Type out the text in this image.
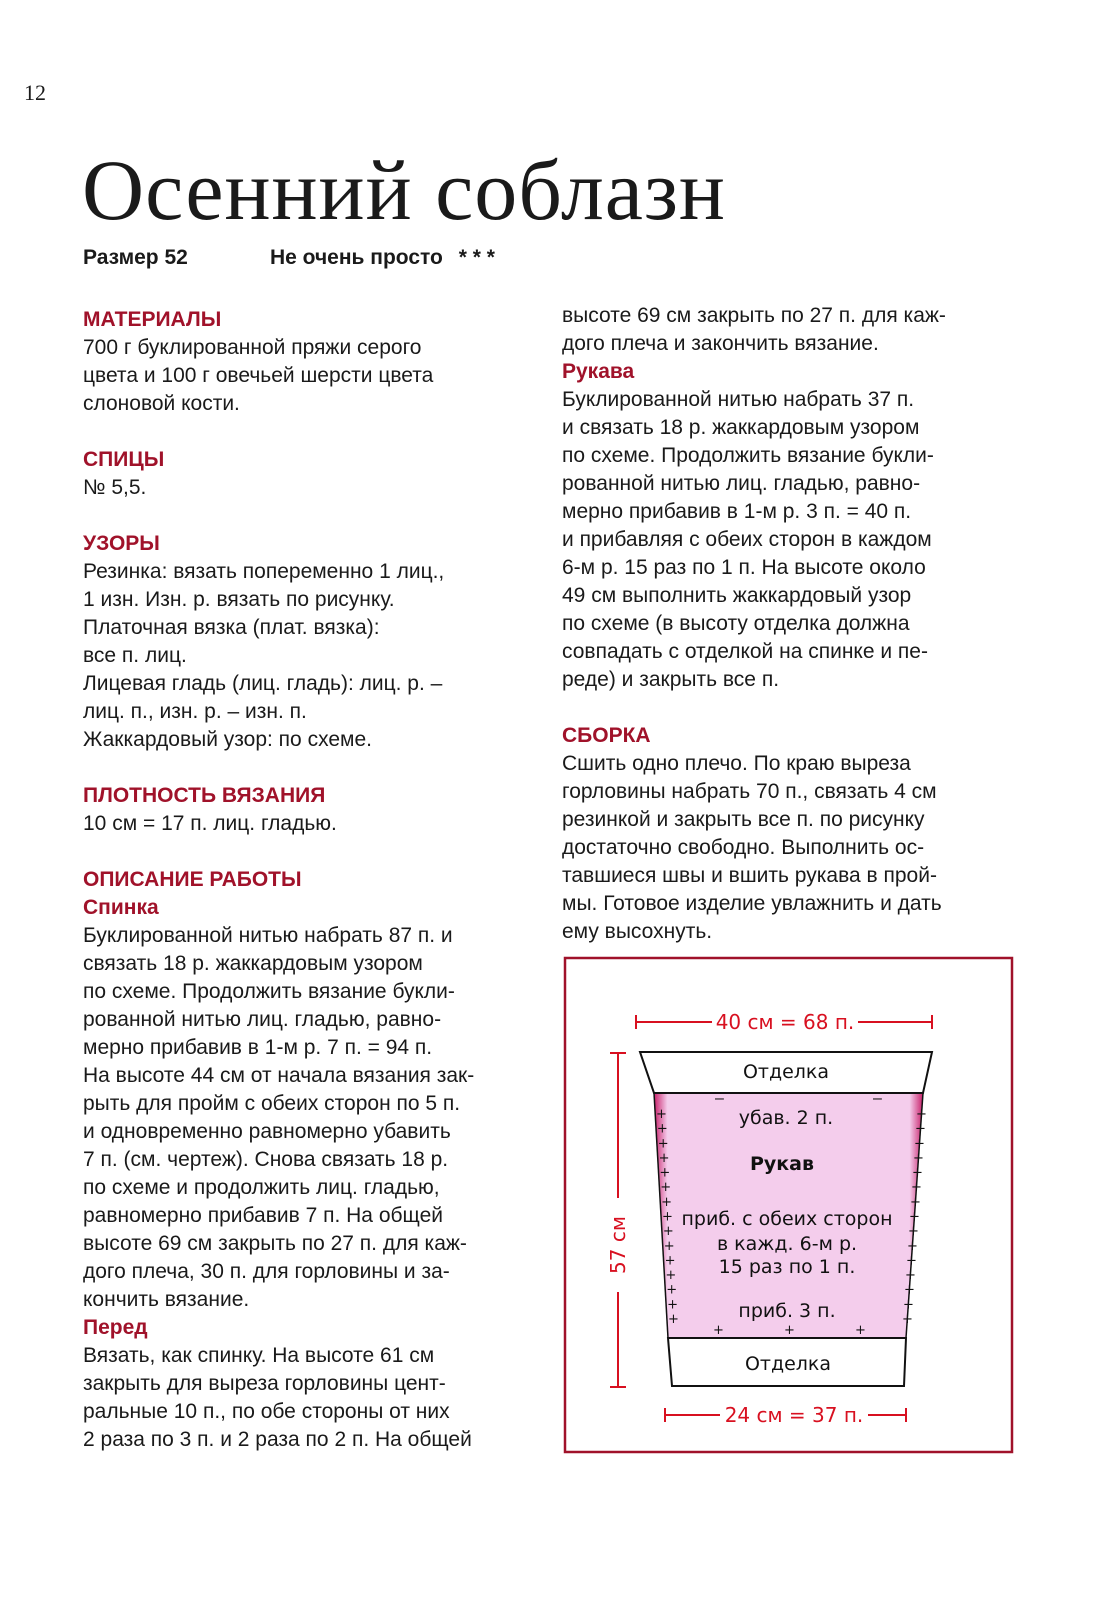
12
Осенний соблазн
Размер 52	Не очень просто * * *
МАТЕРИАЛЫ
700 г буклированной пряжи серого
цвета и 100 г овечьей шерсти цвета
слоновой кости.
СПИЦЫ
№ 5,5.
УЗОРЫ
Резинка: вязать попеременно 1 лиц.,
1 изн. Изн. р. вязать по рисунку.
Платочная вязка (плат. вязка):
все п. лиц.
Лицевая гладь (лиц. гладь): лиц. р. –
лиц. п., изн. р. – изн. п.
Жаккардовый узор: по схеме.
ПЛОТНОСТЬ ВЯЗАНИЯ
10 см = 17 п. лиц. гладью.
ОПИСАНИЕ РАБОТЫ
Спинка
Буклированной нитью набрать 87 п. и
связать 18 р. жаккардовым узором
по схеме. Продолжить вязание букли-
рованной нитью лиц. гладью, равно-
мерно прибавив в 1-м р. 7 п. = 94 п.
На высоте 44 см от начала вязания зак-
рыть для пройм с обеих сторон по 5 п.
и одновременно равномерно убавить
7 п. (см. чертеж). Снова связать 18 р.
по схеме и продолжить лиц. гладью,
равномерно прибавив 7 п. На общей
высоте 69 см закрыть по 27 п. для каж-
дого плеча, 30 п. для горловины и за-
кончить вязание.
Перед
Вязать, как спинку. На высоте 61 см
закрыть для выреза горловины цент-
ральные 10 п., по обе стороны от них
2 раза по 3 п. и 2 раза по 2 п. На общей
высоте 69 см закрыть по 27 п. для каж-
дого плеча и закончить вязание.
Рукава
Буклированной нитью набрать 37 п.
и связать 18 р. жаккардовым узором
по схеме. Продолжить вязание букли-
рованной нитью лиц. гладью, равно-
мерно прибавив в 1-м р. 3 п. = 40 п.
и прибавляя с обеих сторон в каждом
6-м р. 15 раз по 1 п. На высоте около
49 см выполнить жаккардовый узор
по схеме (в высоту отделка должна
совпадать с отделкой на спинке и пе-
реде) и закрыть все п.
СБОРКА
Сшить одно плечо. По краю выреза
горловины набрать 70 п., связать 4 см
резинкой и закрыть все п. по рисунку
достаточно свободно. Выполнить ос-
тавшиеся швы и вшить рукава в прой-
мы. Готовое изделие увлажнить и дать
ему высохнуть.
40 см = 68 п.
24 см = 37 п.
57 см
+	+
+	+
+	+
+	+
+	+
+	+
+	+
+	+
+	+
+	+
+	+
+	+
+	+
+	+
+	+
+	+	+
–	–
Отделка
Отделка
убав. 2 п.
Рукав
приб. с обеих сторон
в кажд. 6-м р.
15 раз по 1 п.
приб. 3 п.
